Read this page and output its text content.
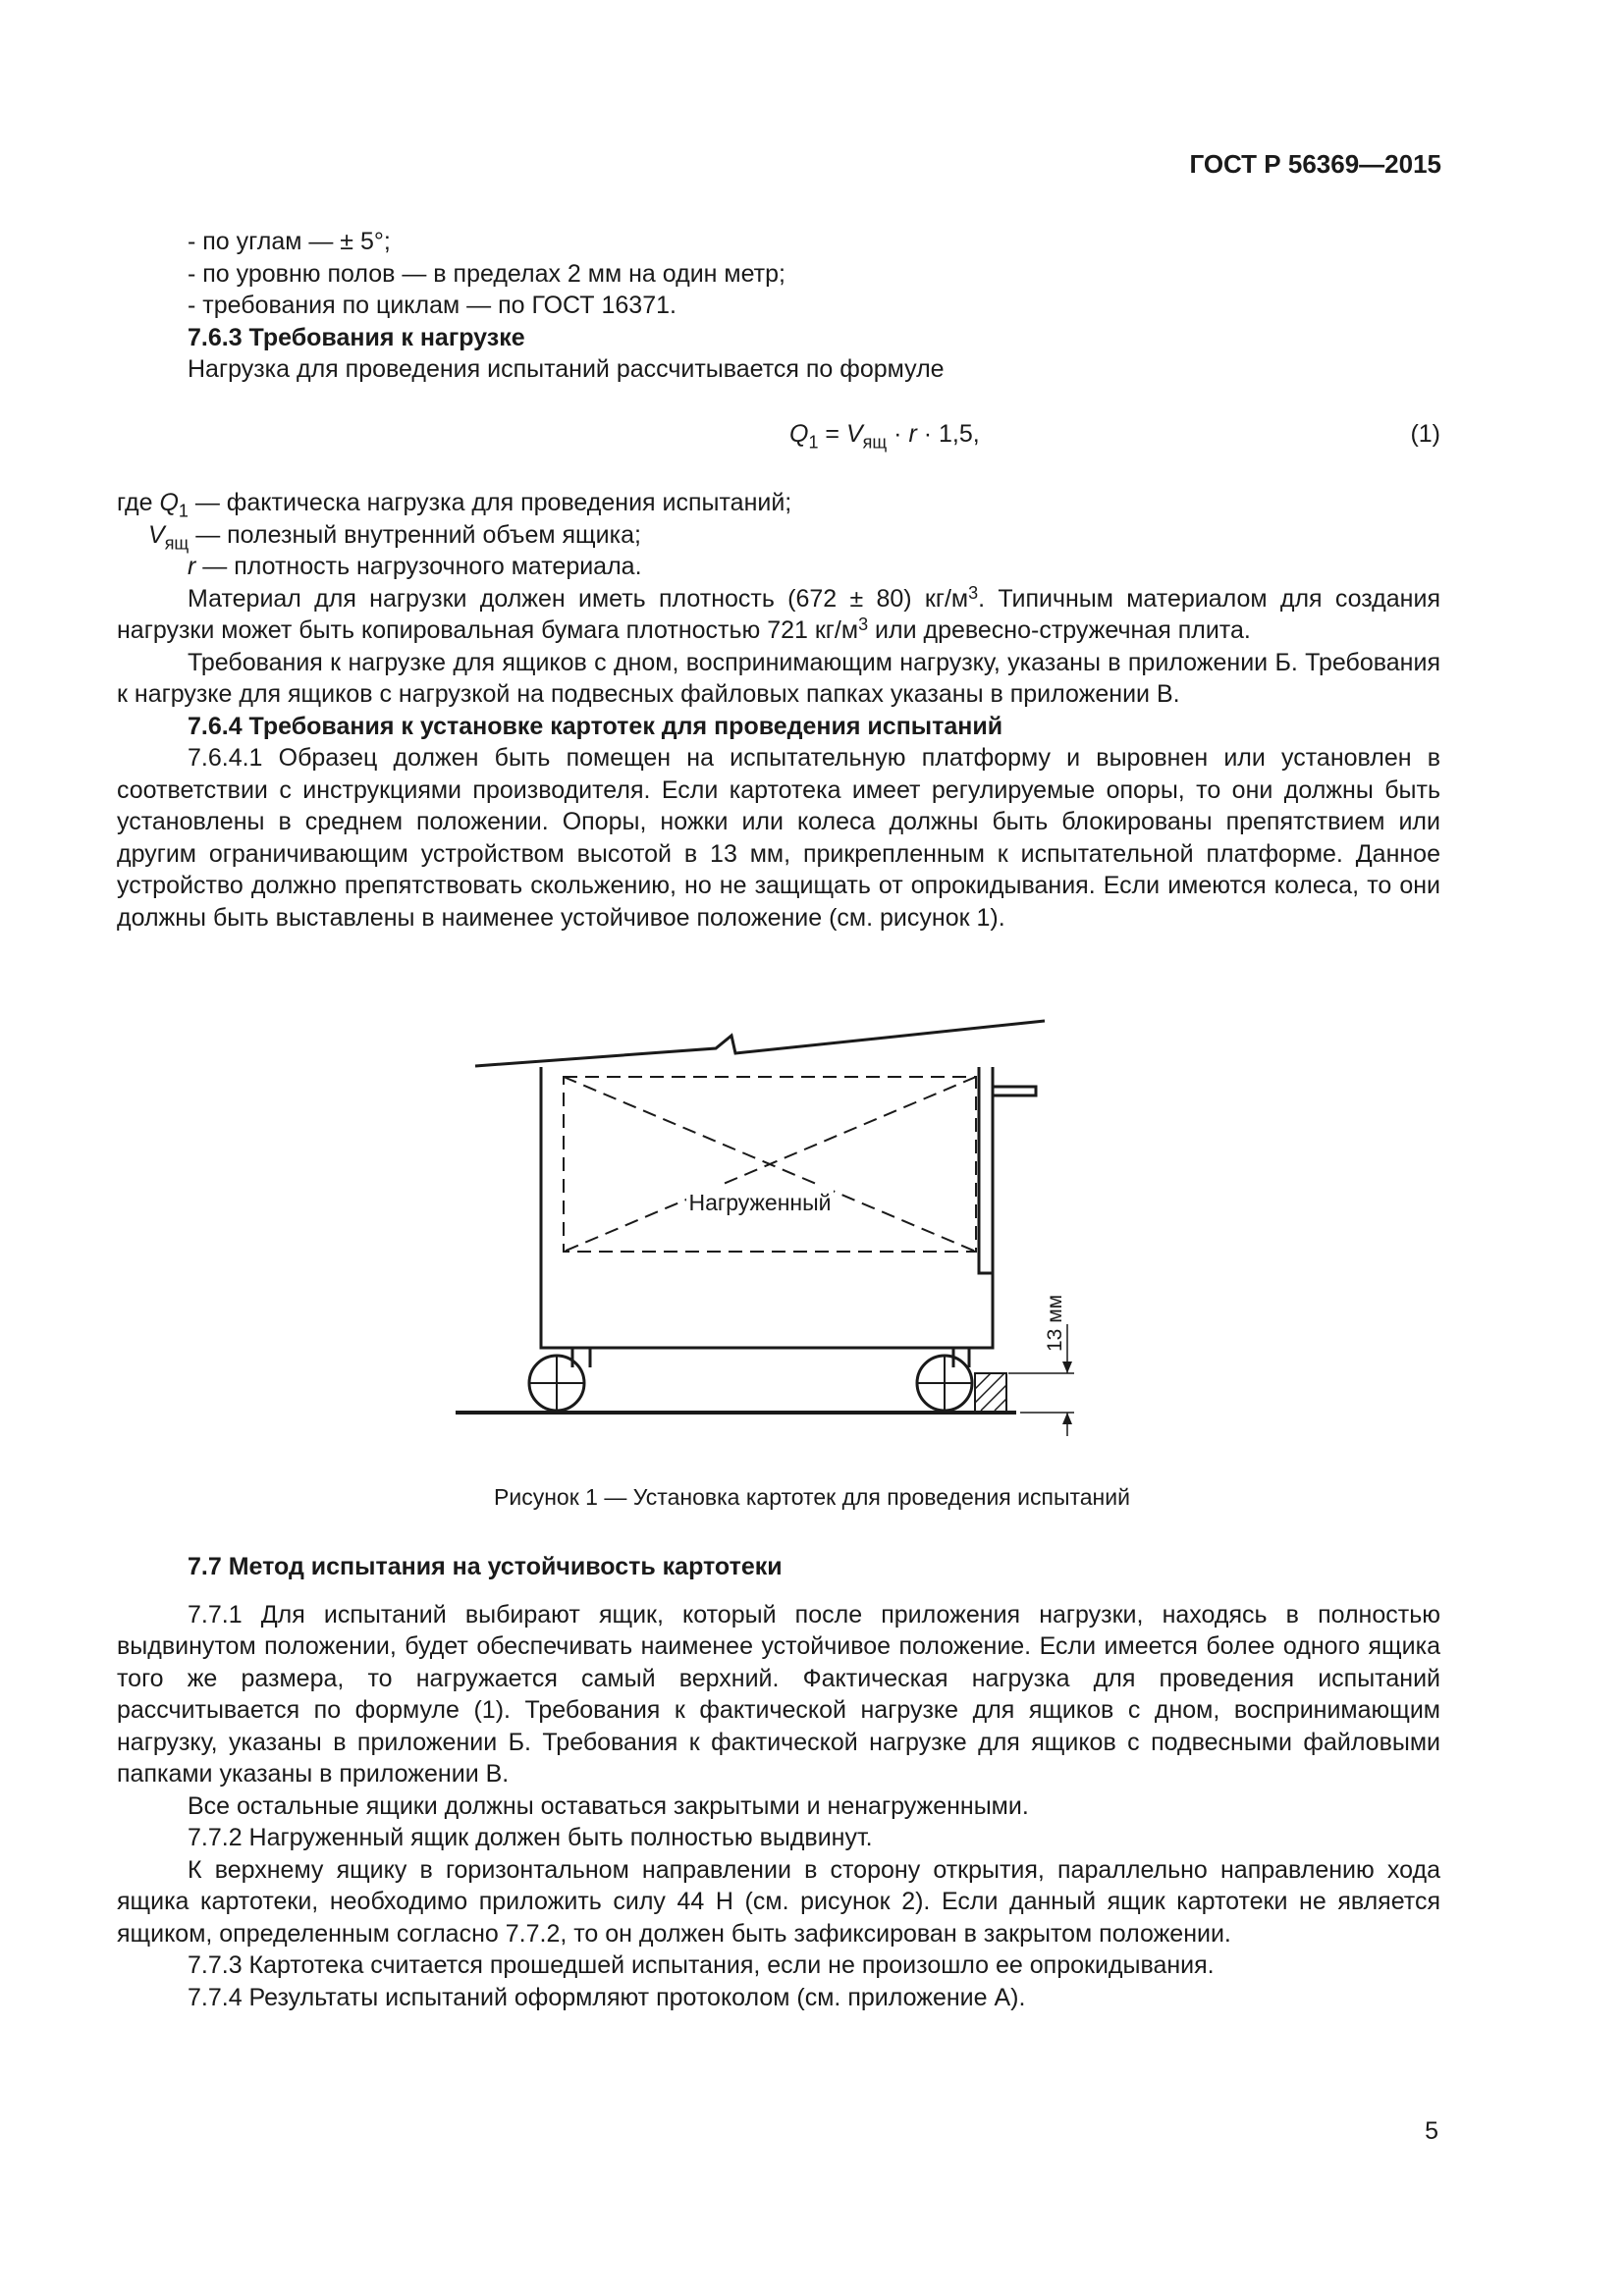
ГОСТ Р 56369—2015

- по углам — ± 5°;

- по уровню полов — в пределах 2 мм на один метр;

- требования по циклам — по ГОСТ 16371.

7.6.3 Требования к нагрузке

Нагрузка для проведения испытаний рассчитывается по формуле

$Q_1 = V_{ящ} \cdot r \cdot 1,5$,	(1)

где $Q_1$ — фактическа нагрузка для проведения испытаний;

$V_{ящ}$ — полезный внутренний объем ящика;

r — плотность нагрузочного материала.

Материал для нагрузки должен иметь плотность (672 ± 80) $кг/м^3$. Типичным материалом для создания нагрузки может быть копировальная бумага плотностью 721 $кг/м^3$ или древесно-стружечная плита.

Требования к нагрузке для ящиков с дном, воспринимающим нагрузку, указаны в приложении Б. Требования к нагрузке для ящиков с нагрузкой на подвесных файловых папках указаны в приложении В.

7.6.4 Требования к установке картотек для проведения испытаний

7.6.4.1 Образец должен быть помещен на испытательную платформу и выровнен или установлен в соответствии с инструкциями производителя. Если картотека имеет регулируемые опоры, то они должны быть установлены в среднем положении. Опоры, ножки или колеса должны быть блокированы препятствием или другим ограничивающим устройством высотой в 13 мм, прикрепленным к испытательной платформе. Данное устройство должно препятствовать скольжению, но не защищать от опрокидывания. Если имеются колеса, то они должны быть выставлены в наименее устойчивое положение (см. рисунок 1).

Нагруженный
13 мм
Рисунок 1 — Установка картотек для проведения испытаний

7.7 Метод испытания на устойчивость картотеки

7.7.1 Для испытаний выбирают ящик, который после приложения нагрузки, находясь в полностью выдвинутом положении, будет обеспечивать наименее устойчивое положение. Если имеется более одного ящика того же размера, то нагружается самый верхний. Фактическая нагрузка для проведения испытаний рассчитывается по формуле (1). Требования к фактической нагрузке для ящиков с дном, воспринимающим нагрузку, указаны в приложении Б. Требования к фактической нагрузке для ящиков с подвесными файловыми папками указаны в приложении В.

Все остальные ящики должны оставаться закрытыми и ненагруженными.

7.7.2 Нагруженный ящик должен быть полностью выдвинут.

К верхнему ящику в горизонтальном направлении в сторону открытия, параллельно направлению хода ящика картотеки, необходимо приложить силу 44 Н (см. рисунок 2). Если данный ящик картотеки не является ящиком, определенным согласно 7.7.2, то он должен быть зафиксирован в закрытом положении.

7.7.3 Картотека считается прошедшей испытания, если не произошло ее опрокидывания.

7.7.4 Результаты испытаний оформляют протоколом (см. приложение А).

5
